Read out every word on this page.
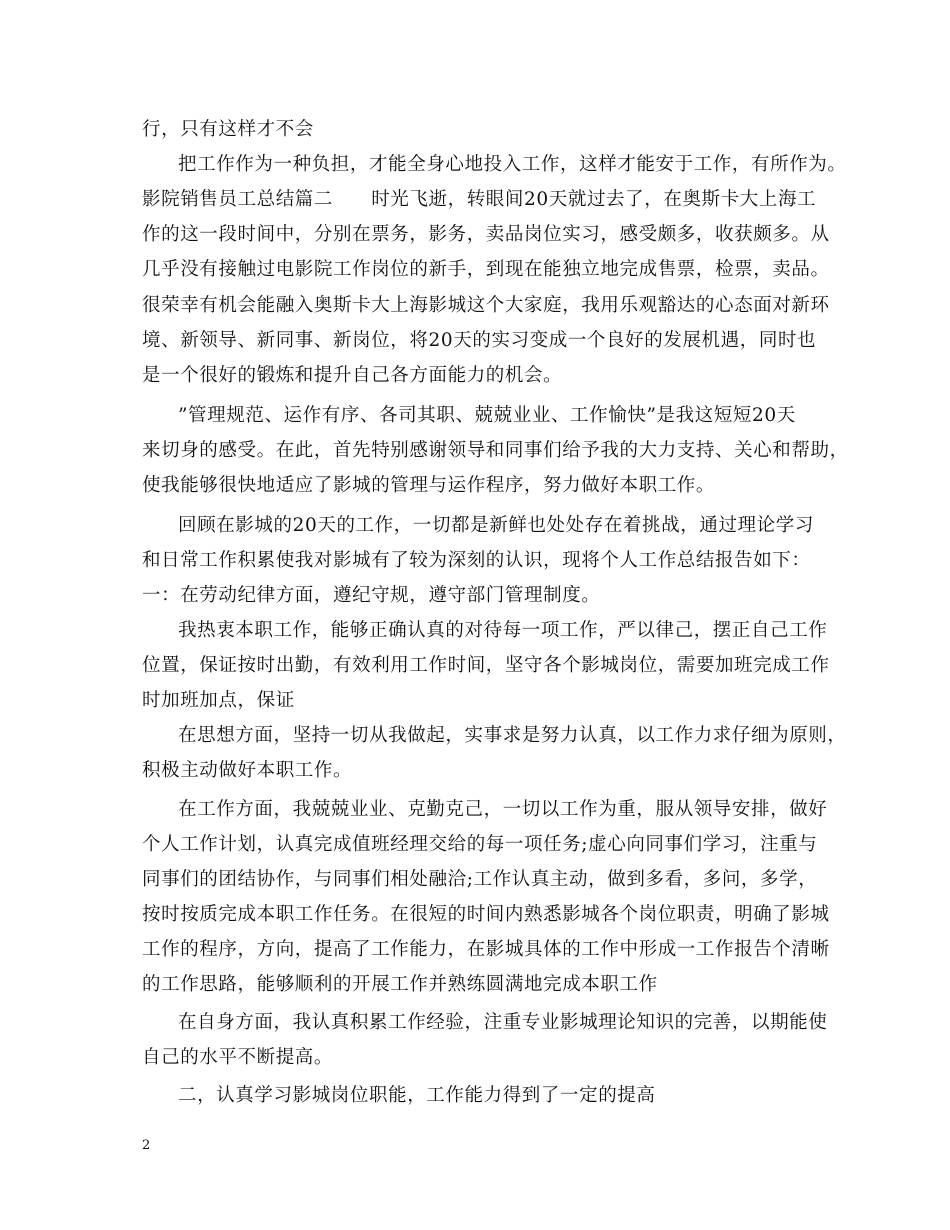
行，只有这样才不会
把工作作为一种负担，才能全身心地投入工作，这样才能安于工作，有所作为。
影院销售员工总结篇二　　时光飞逝，转眼间20天就过去了，在奥斯卡大上海工
作的这一段时间中，分别在票务，影务，卖品岗位实习，感受颇多，收获颇多。从
几乎没有接触过电影院工作岗位的新手，到现在能独立地完成售票，检票，卖品。
很荣幸有机会能融入奥斯卡大上海影城这个大家庭，我用乐观豁达的心态面对新环
境、新领导、新同事、新岗位，将20天的实习变成一个良好的发展机遇，同时也
是一个很好的锻炼和提升自己各方面能力的机会。
”管理规范、运作有序、各司其职、兢兢业业、工作愉快”是我这短短20天
来切身的感受。在此，首先特别感谢领导和同事们给予我的大力支持、关心和帮助，
使我能够很快地适应了影城的管理与运作程序，努力做好本职工作。
回顾在影城的20天的工作，一切都是新鲜也处处存在着挑战，通过理论学习
和日常工作积累使我对影城有了较为深刻的认识，现将个人工作总结报告如下：
一：在劳动纪律方面，遵纪守规，遵守部门管理制度。
我热衷本职工作，能够正确认真的对待每一项工作，严以律己，摆正自己工作
位置，保证按时出勤，有效利用工作时间，坚守各个影城岗位，需要加班完成工作
时加班加点，保证
在思想方面，坚持一切从我做起，实事求是努力认真，以工作力求仔细为原则，
积极主动做好本职工作。
在工作方面，我兢兢业业、克勤克己，一切以工作为重，服从领导安排，做好
个人工作计划，认真完成值班经理交给的每一项任务;虚心向同事们学习，注重与
同事们的团结协作，与同事们相处融洽;工作认真主动，做到多看，多问，多学，
按时按质完成本职工作任务。在很短的时间内熟悉影城各个岗位职责，明确了影城
工作的程序，方向，提高了工作能力，在影城具体的工作中形成一工作报告个清晰
的工作思路，能够顺利的开展工作并熟练圆满地完成本职工作
在自身方面，我认真积累工作经验，注重专业影城理论知识的完善，以期能使
自己的水平不断提高。
二，认真学习影城岗位职能，工作能力得到了一定的提高
2
